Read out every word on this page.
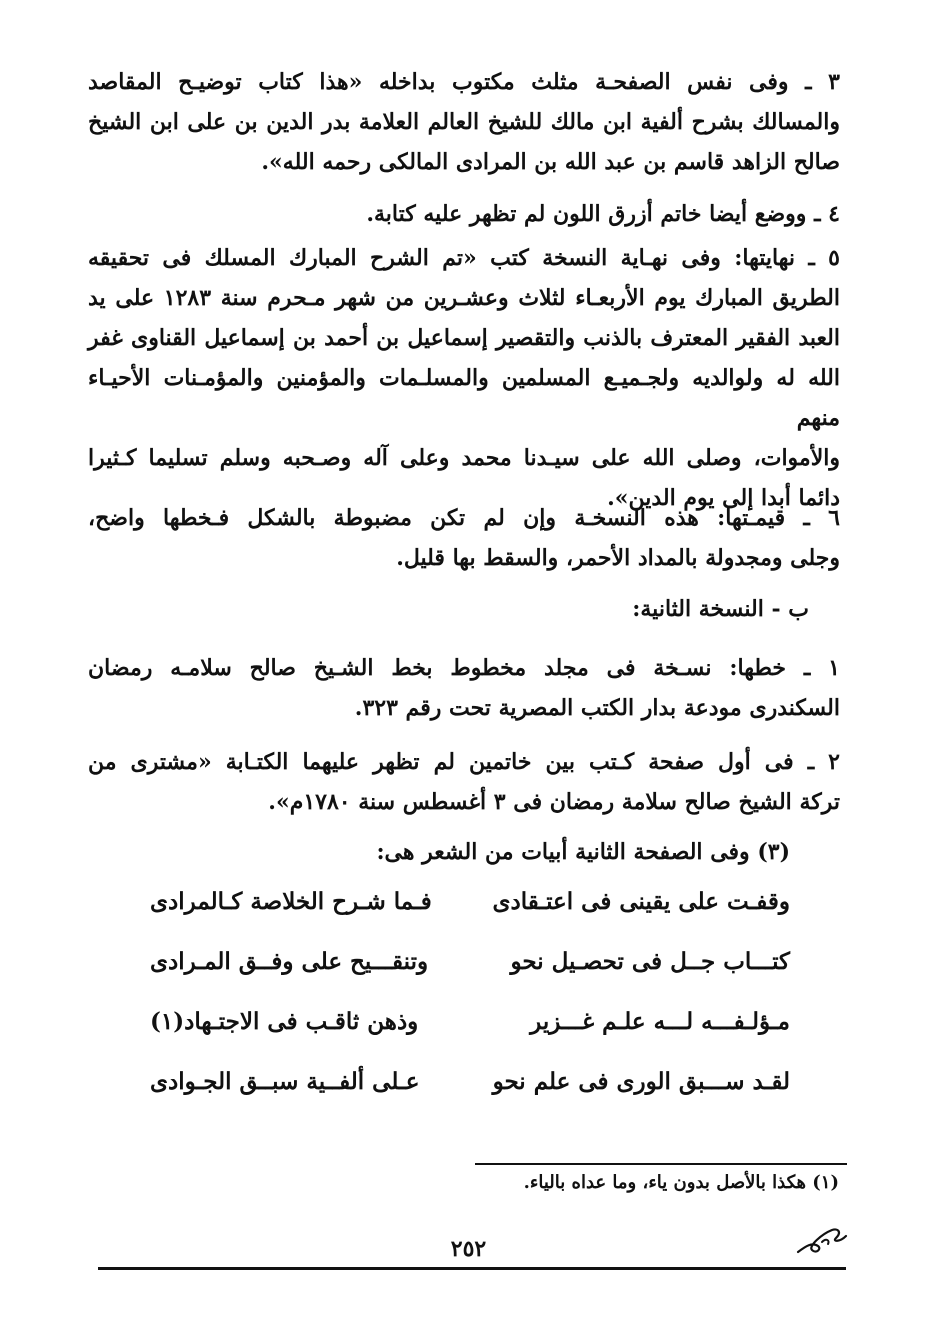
٣ ـ وفى نفس الصفحـة مثلث مكتوب بداخله «هذا كتاب توضيـح المقاصد
والمسالك بشرح ألفية ابن مالك للشيخ العالم العلامة بدر الدين بن على ابن الشيخ
صالح الزاهد قاسم بن عبد الله بن المرادى المالكى رحمه الله».
٤ ـ ووضع أيضا خاتم أزرق اللون لم تظهر عليه كتابة.
٥ ـ نهايتها: وفى نهـاية النسخة كتب «تم الشرح المبارك المسلك فى تحقيقه
الطريق المبارك يوم الأربعـاء لثلاث وعشـرين من شهر مـحرم سنة ١٢٨٣ على يد
العبد الفقير المعترف بالذنب والتقصير إسماعيل بن أحمد بن إسماعيل القناوى غفر
الله له ولوالديه ولجـميـع المسلمين والمسلـمات والمؤمنين والمؤمـنات الأحيـاء منهم
والأموات، وصلى الله على سيـدنا محمد وعلى آله وصـحبه وسلم تسليما كـثيرا
دائما أبدا إلى يوم الدين».
٦ ـ قيمـتها: هذه النسخـة وإن لم تكن مضبوطة بالشكل فـخطها واضح،
وجلى ومجدولة بالمداد الأحمر، والسقط بها قليل.
ب - النسخة الثانية:
١ ـ خطها: نسـخة فى مجلد مخطوط بخط الشـيخ صالح سلامـه رمضان
السكندرى مودعة بدار الكتب المصرية تحت رقم ٣٢٣.
٢ ـ فى أول صفحة كـتب بين خاتمين لم تظهر عليهما الكتـابة «مشترى من
تركة الشيخ صالح سلامة رمضان فى ٣ أغسطس سنة ١٧٨٠م».
(٣) وفى الصفحة الثانية أبيات من الشعر هى:
وقفـت على يقينى فى اعتـقادى
فـما شـرح الخلاصة كـالمرادى
كتـــاب جــل فى تحصـيل نحو
وتنقـــيح على وفــق المـرادى
مـؤلـفـــه لـــه علـم غـــزير
وذهن ثاقـب فى الاجتـهاد(١)
لقـد ســـبق الورى فى علم نحو
عـلى ألفــية سبــق الجـوادى
(١) هكذا بالأصل بدون ياء، وما عداه بالياء.
٢٥٢
